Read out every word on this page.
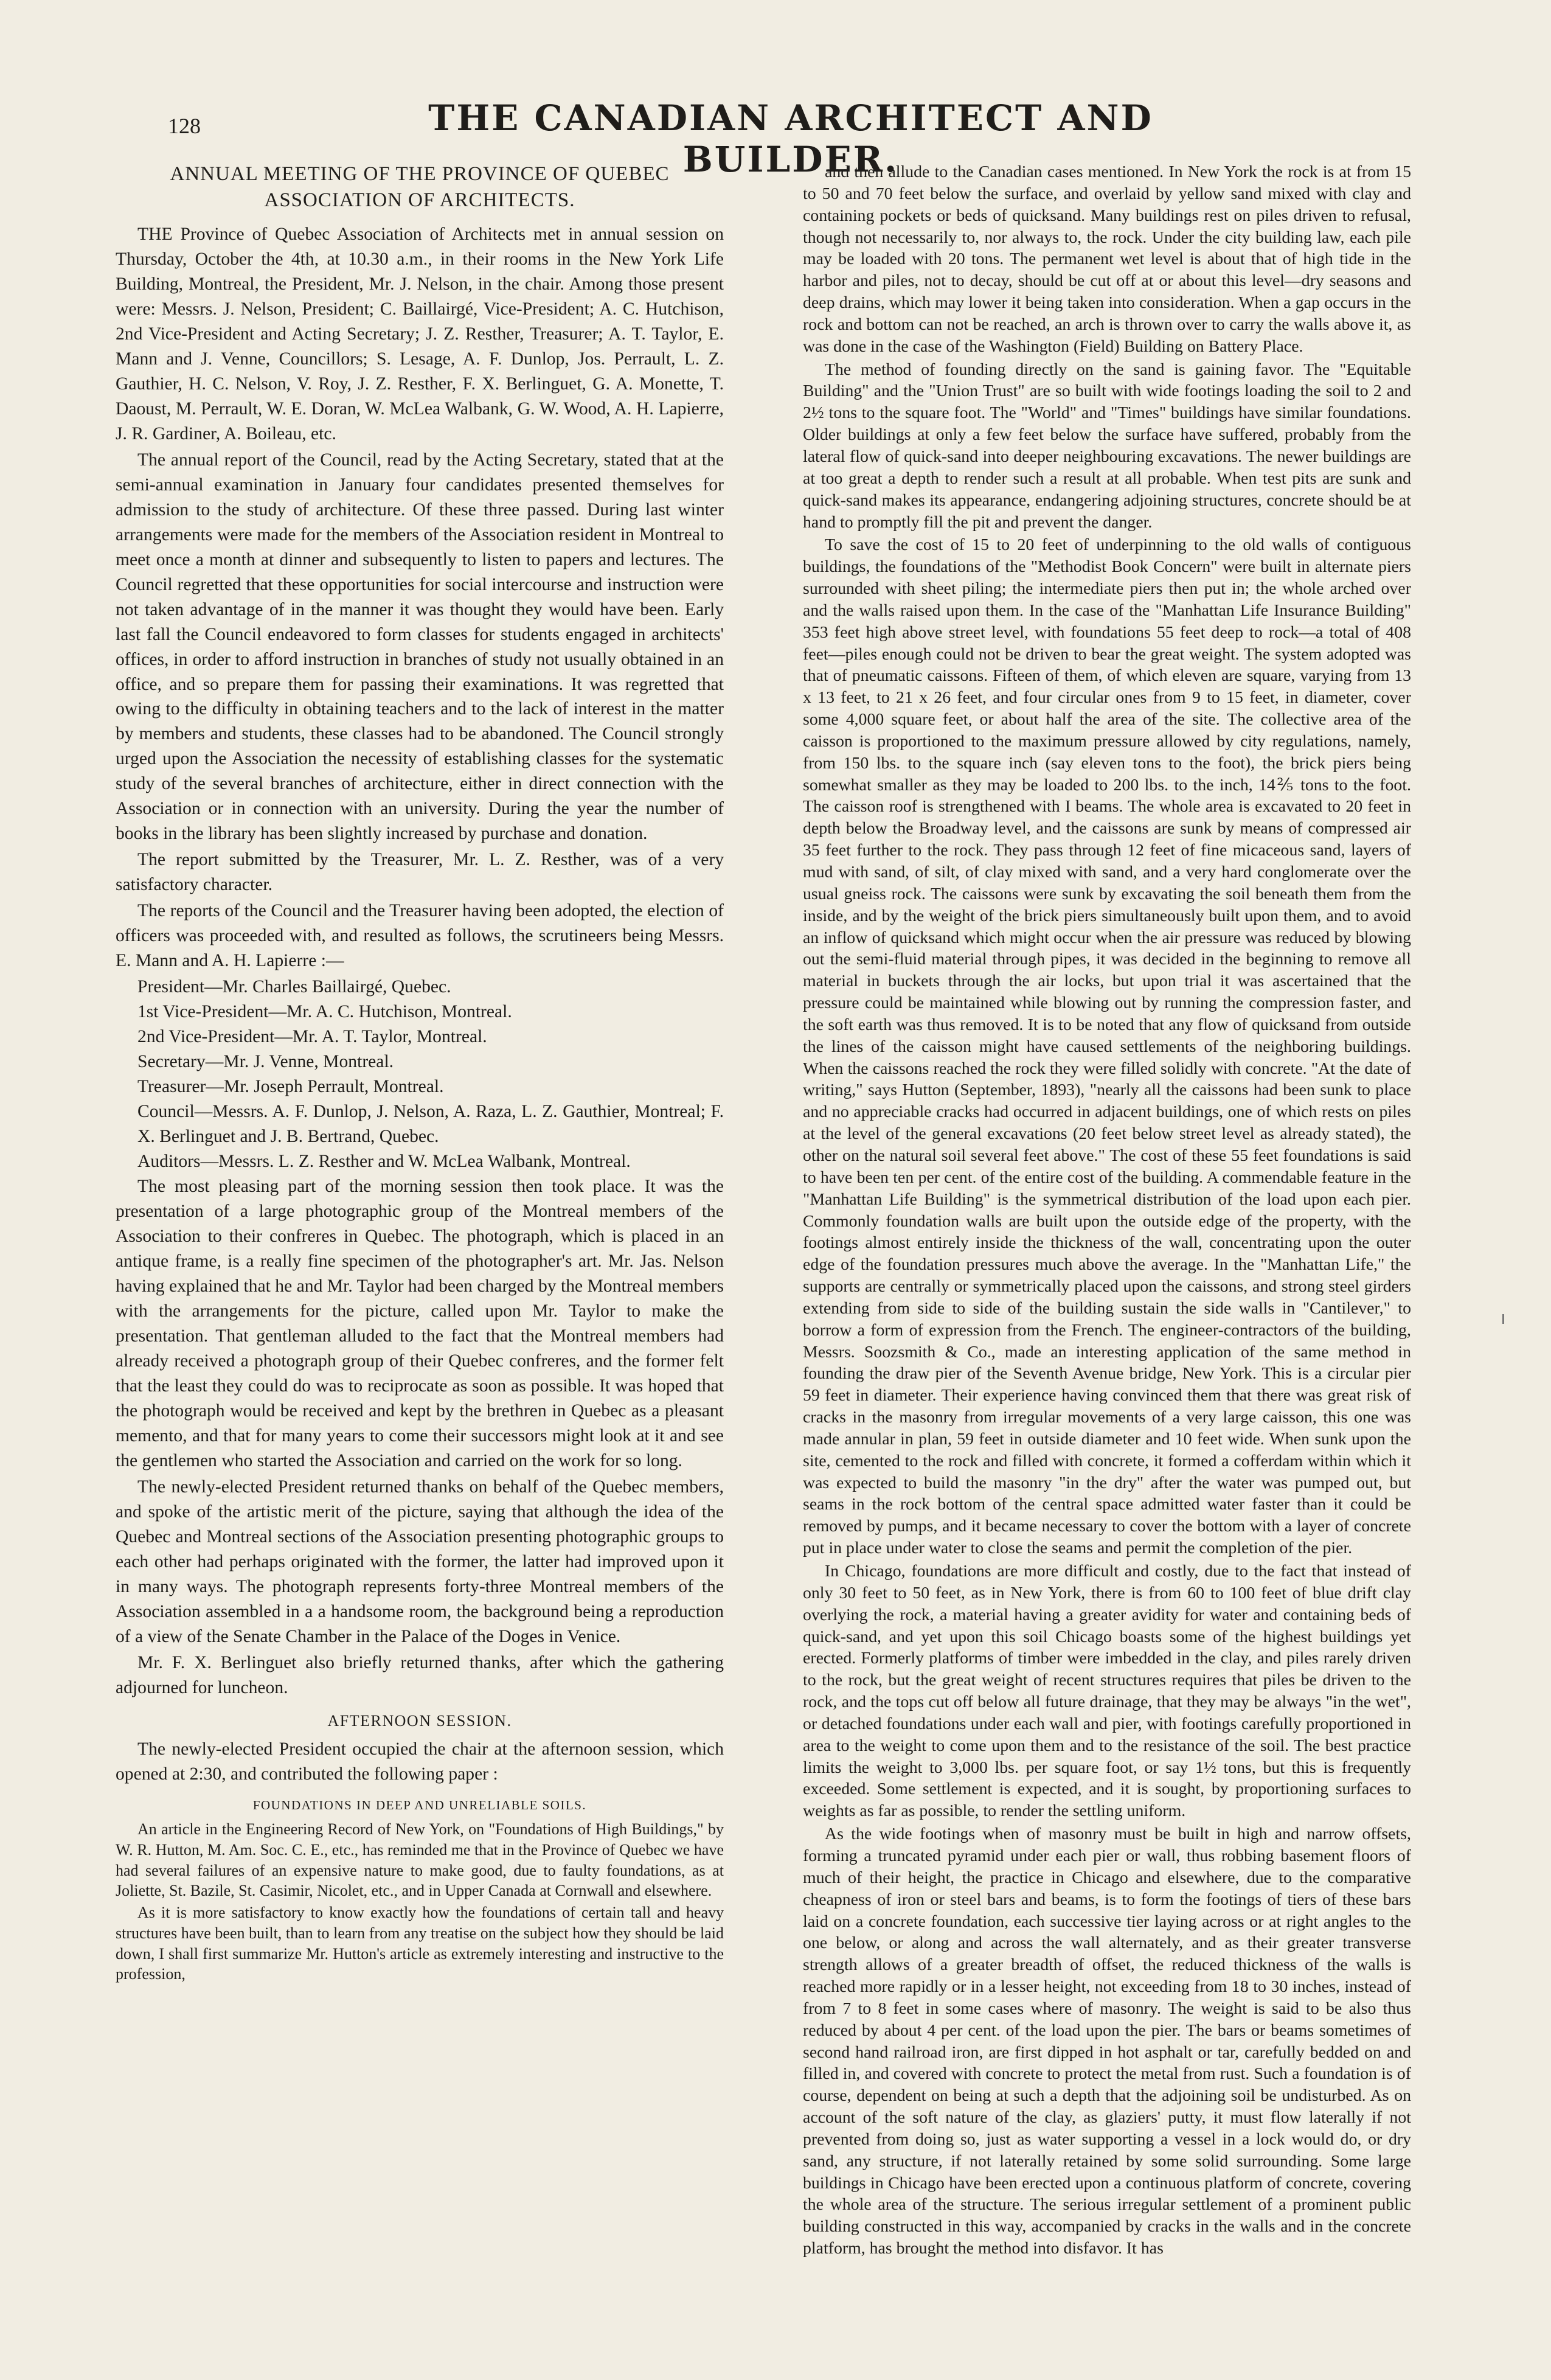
128	THE CANADIAN ARCHITECT AND BUILDER.
ANNUAL MEETING OF THE PROVINCE OF QUEBEC
ASSOCIATION OF ARCHITECTS.

THE Province of Quebec Association of Architects met in annual session on Thursday, October the 4th, at 10.30 a.m., in their rooms in the New York Life Building, Montreal, the President, Mr. J. Nelson, in the chair. Among those present were: Messrs. J. Nelson, President; C. Baillairgé, Vice-President; A. C. Hutchison, 2nd Vice-President and Acting Secretary; J. Z. Resther, Treasurer; A. T. Taylor, E. Mann and J. Venne, Councillors; S. Lesage, A. F. Dunlop, Jos. Perrault, L. Z. Gauthier, H. C. Nelson, V. Roy, J. Z. Resther, F. X. Berlinguet, G. A. Monette, T. Daoust, M. Perrault, W. E. Doran, W. McLea Walbank, G. W. Wood, A. H. Lapierre, J. R. Gardiner, A. Boileau, etc.

The annual report of the Council, read by the Acting Secretary, stated that at the semi-annual examination in January four candidates presented themselves for admission to the study of architecture. Of these three passed. During last winter arrangements were made for the members of the Association resident in Montreal to meet once a month at dinner and subsequently to listen to papers and lectures. The Council regretted that these opportunities for social intercourse and instruction were not taken advantage of in the manner it was thought they would have been. Early last fall the Council endeavored to form classes for students engaged in architects' offices, in order to afford instruction in branches of study not usually obtained in an office, and so prepare them for passing their examinations. It was regretted that owing to the difficulty in obtaining teachers and to the lack of interest in the matter by members and students, these classes had to be abandoned. The Council strongly urged upon the Association the necessity of establishing classes for the systematic study of the several branches of architecture, either in direct connection with the Association or in connection with an university. During the year the number of books in the library has been slightly increased by purchase and donation.

The report submitted by the Treasurer, Mr. L. Z. Resther, was of a very satisfactory character.

The reports of the Council and the Treasurer having been adopted, the election of officers was proceeded with, and resulted as follows, the scrutineers being Messrs. E. Mann and A. H. Lapierre :—

President—Mr. Charles Baillairgé, Quebec.

1st Vice-President—Mr. A. C. Hutchison, Montreal.

2nd Vice-President—Mr. A. T. Taylor, Montreal.

Secretary—Mr. J. Venne, Montreal.

Treasurer—Mr. Joseph Perrault, Montreal.

Council—Messrs. A. F. Dunlop, J. Nelson, A. Raza, L. Z. Gauthier, Montreal; F. X. Berlinguet and J. B. Bertrand, Quebec.

Auditors—Messrs. L. Z. Resther and W. McLea Walbank, Montreal.

The most pleasing part of the morning session then took place. It was the presentation of a large photographic group of the Montreal members of the Association to their confreres in Quebec. The photograph, which is placed in an antique frame, is a really fine specimen of the photographer's art. Mr. Jas. Nelson having explained that he and Mr. Taylor had been charged by the Montreal members with the arrangements for the picture, called upon Mr. Taylor to make the presentation. That gentleman alluded to the fact that the Montreal members had already received a photograph group of their Quebec confreres, and the former felt that the least they could do was to reciprocate as soon as possible. It was hoped that the photograph would be received and kept by the brethren in Quebec as a pleasant memento, and that for many years to come their successors might look at it and see the gentlemen who started the Association and carried on the work for so long.

The newly-elected President returned thanks on behalf of the Quebec members, and spoke of the artistic merit of the picture, saying that although the idea of the Quebec and Montreal sections of the Association presenting photographic groups to each other had perhaps originated with the former, the latter had improved upon it in many ways. The photograph represents forty-three Montreal members of the Association assembled in a a handsome room, the background being a reproduction of a view of the Senate Chamber in the Palace of the Doges in Venice.

Mr. F. X. Berlinguet also briefly returned thanks, after which the gathering adjourned for luncheon.

AFTERNOON SESSION.

The newly-elected President occupied the chair at the afternoon session, which opened at 2:30, and contributed the following paper :

FOUNDATIONS IN DEEP AND UNRELIABLE SOILS.

An article in the Engineering Record of New York, on "Foundations of High Buildings," by W. R. Hutton, M. Am. Soc. C. E., etc., has reminded me that in the Province of Quebec we have had several failures of an expensive nature to make good, due to faulty foundations, as at Joliette, St. Bazile, St. Casimir, Nicolet, etc., and in Upper Canada at Cornwall and elsewhere.

As it is more satisfactory to know exactly how the foundations of certain tall and heavy structures have been built, than to learn from any treatise on the subject how they should be laid down, I shall first summarize Mr. Hutton's article as extremely interesting and instructive to the profession,

and then allude to the Canadian cases mentioned. In New York the rock is at from 15 to 50 and 70 feet below the surface, and overlaid by yellow sand mixed with clay and containing pockets or beds of quicksand. Many buildings rest on piles driven to refusal, though not necessarily to, nor always to, the rock. Under the city building law, each pile may be loaded with 20 tons. The permanent wet level is about that of high tide in the harbor and piles, not to decay, should be cut off at or about this level—dry seasons and deep drains, which may lower it being taken into consideration. When a gap occurs in the rock and bottom can not be reached, an arch is thrown over to carry the walls above it, as was done in the case of the Washington (Field) Building on Battery Place.

The method of founding directly on the sand is gaining favor. The "Equitable Building" and the "Union Trust" are so built with wide footings loading the soil to 2 and 2½ tons to the square foot. The "World" and "Times" buildings have similar foundations. Older buildings at only a few feet below the surface have suffered, probably from the lateral flow of quick-sand into deeper neighbouring excavations. The newer buildings are at too great a depth to render such a result at all probable. When test pits are sunk and quick-sand makes its appearance, endangering adjoining structures, concrete should be at hand to promptly fill the pit and prevent the danger.

To save the cost of 15 to 20 feet of underpinning to the old walls of contiguous buildings, the foundations of the "Methodist Book Concern" were built in alternate piers surrounded with sheet piling; the intermediate piers then put in; the whole arched over and the walls raised upon them. In the case of the "Manhattan Life Insurance Building" 353 feet high above street level, with foundations 55 feet deep to rock—a total of 408 feet—piles enough could not be driven to bear the great weight. The system adopted was that of pneumatic caissons. Fifteen of them, of which eleven are square, varying from 13 x 13 feet, to 21 x 26 feet, and four circular ones from 9 to 15 feet, in diameter, cover some 4,000 square feet, or about half the area of the site. The collective area of the caisson is proportioned to the maximum pressure allowed by city regulations, namely, from 150 lbs. to the square inch (say eleven tons to the foot), the brick piers being somewhat smaller as they may be loaded to 200 lbs. to the inch, 14⅖ tons to the foot. The caisson roof is strengthened with I beams. The whole area is excavated to 20 feet in depth below the Broadway level, and the caissons are sunk by means of compressed air 35 feet further to the rock. They pass through 12 feet of fine micaceous sand, layers of mud with sand, of silt, of clay mixed with sand, and a very hard conglomerate over the usual gneiss rock. The caissons were sunk by excavating the soil beneath them from the inside, and by the weight of the brick piers simultaneously built upon them, and to avoid an inflow of quicksand which might occur when the air pressure was reduced by blowing out the semi-fluid material through pipes, it was decided in the beginning to remove all material in buckets through the air locks, but upon trial it was ascertained that the pressure could be maintained while blowing out by running the compression faster, and the soft earth was thus removed. It is to be noted that any flow of quicksand from outside the lines of the caisson might have caused settlements of the neighboring buildings. When the caissons reached the rock they were filled solidly with concrete. "At the date of writing," says Hutton (September, 1893), "nearly all the caissons had been sunk to place and no appreciable cracks had occurred in adjacent buildings, one of which rests on piles at the level of the general excavations (20 feet below street level as already stated), the other on the natural soil several feet above." The cost of these 55 feet foundations is said to have been ten per cent. of the entire cost of the building. A commendable feature in the "Manhattan Life Building" is the symmetrical distribution of the load upon each pier. Commonly foundation walls are built upon the outside edge of the property, with the footings almost entirely inside the thickness of the wall, concentrating upon the outer edge of the foundation pressures much above the average. In the "Manhattan Life," the supports are centrally or symmetrically placed upon the caissons, and strong steel girders extending from side to side of the building sustain the side walls in "Cantilever," to borrow a form of expression from the French. The engineer-contractors of the building, Messrs. Soozsmith & Co., made an interesting application of the same method in founding the draw pier of the Seventh Avenue bridge, New York. This is a circular pier 59 feet in diameter. Their experience having convinced them that there was great risk of cracks in the masonry from irregular movements of a very large caisson, this one was made annular in plan, 59 feet in outside diameter and 10 feet wide. When sunk upon the site, cemented to the rock and filled with concrete, it formed a cofferdam within which it was expected to build the masonry "in the dry" after the water was pumped out, but seams in the rock bottom of the central space admitted water faster than it could be removed by pumps, and it became necessary to cover the bottom with a layer of concrete put in place under water to close the seams and permit the completion of the pier.

In Chicago, foundations are more difficult and costly, due to the fact that instead of only 30 feet to 50 feet, as in New York, there is from 60 to 100 feet of blue drift clay overlying the rock, a material having a greater avidity for water and containing beds of quick-sand, and yet upon this soil Chicago boasts some of the highest buildings yet erected. Formerly platforms of timber were imbedded in the clay, and piles rarely driven to the rock, but the great weight of recent structures requires that piles be driven to the rock, and the tops cut off below all future drainage, that they may be always "in the wet", or detached foundations under each wall and pier, with footings carefully proportioned in area to the weight to come upon them and to the resistance of the soil. The best practice limits the weight to 3,000 lbs. per square foot, or say 1½ tons, but this is frequently exceeded. Some settlement is expected, and it is sought, by proportioning surfaces to weights as far as possible, to render the settling uniform.

As the wide footings when of masonry must be built in high and narrow offsets, forming a truncated pyramid under each pier or wall, thus robbing basement floors of much of their height, the practice in Chicago and elsewhere, due to the comparative cheapness of iron or steel bars and beams, is to form the footings of tiers of these bars laid on a concrete foundation, each successive tier laying across or at right angles to the one below, or along and across the wall alternately, and as their greater transverse strength allows of a greater breadth of offset, the reduced thickness of the walls is reached more rapidly or in a lesser height, not exceeding from 18 to 30 inches, instead of from 7 to 8 feet in some cases where of masonry. The weight is said to be also thus reduced by about 4 per cent. of the load upon the pier. The bars or beams sometimes of second hand railroad iron, are first dipped in hot asphalt or tar, carefully bedded on and filled in, and covered with concrete to protect the metal from rust. Such a foundation is of course, dependent on being at such a depth that the adjoining soil be undisturbed. As on account of the soft nature of the clay, as glaziers' putty, it must flow laterally if not prevented from doing so, just as water supporting a vessel in a lock would do, or dry sand, any structure, if not laterally retained by some solid surrounding. Some large buildings in Chicago have been erected upon a continuous platform of concrete, covering the whole area of the structure. The serious irregular settlement of a prominent public building constructed in this way, accompanied by cracks in the walls and in the concrete platform, has brought the method into disfavor. It has
